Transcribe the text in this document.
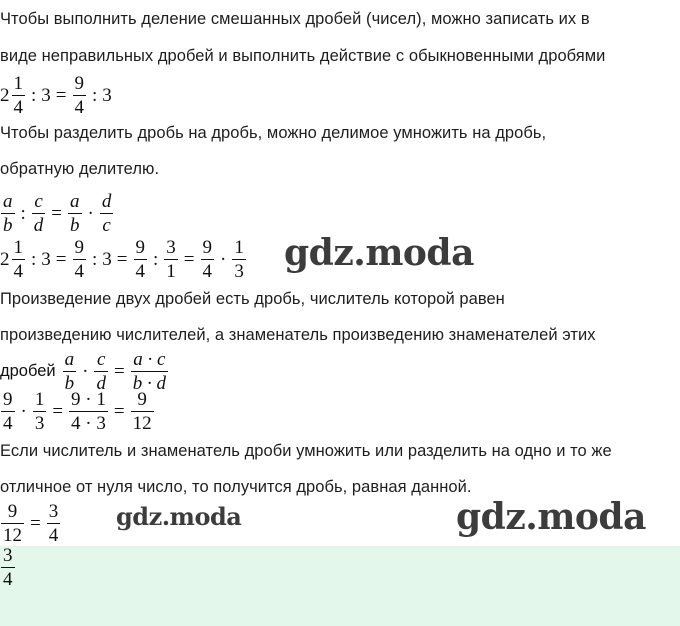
Чтобы выполнить деление смешанных дробей (чисел), можно записать их в
виде неправильных дробей и выполнить действие с обыкновенными дробями
$2 \frac{1}{4}$ : $3 = \frac{9}{4}$ : 3
Чтобы разделить дробь на дробь, можно делимое умножить на дробь,
обратную делителю.
$\frac{a}{b}$ : $\frac{c}{d} = \frac{a}{b} \cdot \frac{d}{c}$
$2 \frac{1}{4}$ : $3 = \frac{9}{4}$ : $3 = \frac{9}{4}$ : $\frac{3}{1} = \frac{9}{4} \cdot \frac{1}{3}$ gdz.moda
Произведение двух дробей есть дробь, числитель которой равен
произведению числителей, а знаменатель произведению знаменателей этих
дробей $\frac{a}{b} \cdot \frac{c}{d} = \frac{a \cdot c}{b \cdot d}$
$\frac{9}{4} \cdot \frac{1}{3} = \frac{9 \cdot 1}{4 \cdot 3} = \frac{9}{12}$
Если числитель и знаменатель дроби умножить или разделить на одно и то же
отличное от нуля число, то получится дробь, равная данной.
$\frac{9}{12} = \frac{3}{4}$ gdz.moda	gdz.moda
$\frac{3}{4}$
